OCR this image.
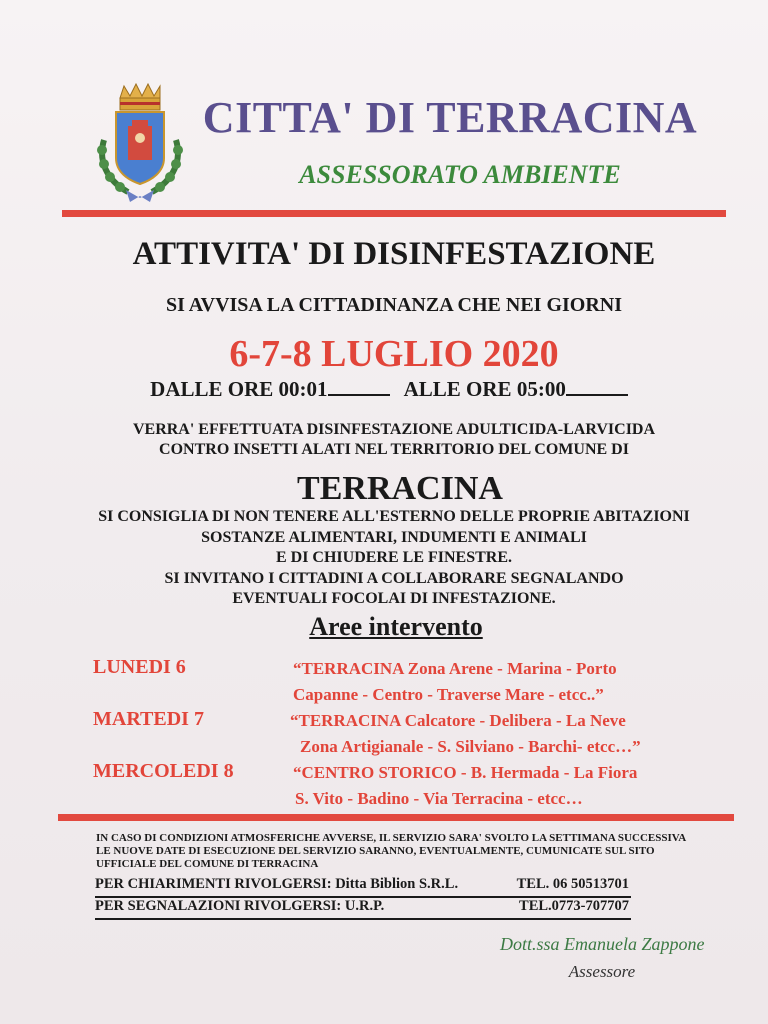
CITTA' DI TERRACINA
ASSESSORATO AMBIENTE
ATTIVITA' DI DISINFESTAZIONE
SI AVVISA LA CITTADINANZA CHE NEI GIORNI
6-7-8 LUGLIO 2020
DALLE ORE 00:01	ALLE ORE 05:00
VERRA' EFFETTUATA DISINFESTAZIONE ADULTICIDA-LARVICIDA
CONTRO INSETTI ALATI NEL TERRITORIO DEL COMUNE DI
TERRACINA
SI CONSIGLIA DI NON TENERE ALL'ESTERNO DELLE PROPRIE ABITAZIONI
SOSTANZE ALIMENTARI, INDUMENTI E ANIMALI
E DI CHIUDERE LE FINESTRE.
SI INVITANO I CITTADINI A COLLABORARE SEGNALANDO
EVENTUALI FOCOLAI DI INFESTAZIONE.
Aree intervento
LUNEDI 6	“TERRACINA Zona Arene - Marina - Porto
Capanne - Centro - Traverse Mare - etcc..”
MARTEDI 7	“TERRACINA Calcatore - Delibera - La Neve
Zona Artigianale - S. Silviano - Barchi- etcc…”
MERCOLEDI 8	“CENTRO STORICO - B. Hermada - La Fiora
S. Vito - Badino - Via Terracina - etcc…
IN CASO DI CONDIZIONI ATMOSFERICHE AVVERSE, IL SERVIZIO SARA' SVOLTO LA SETTIMANA SUCCESSIVA
LE NUOVE DATE DI ESECUZIONE DEL SERVIZIO SARANNO, EVENTUALMENTE, CUMUNICATE SUL SITO
UFFICIALE DEL COMUNE DI TERRACINA
PER CHIARIMENTI RIVOLGERSI: Ditta Biblion S.R.L.	TEL. 06 50513701
PER SEGNALAZIONI RIVOLGERSI: U.R.P.	TEL.0773-707707
Dott.ssa Emanuela Zappone
Assessore
